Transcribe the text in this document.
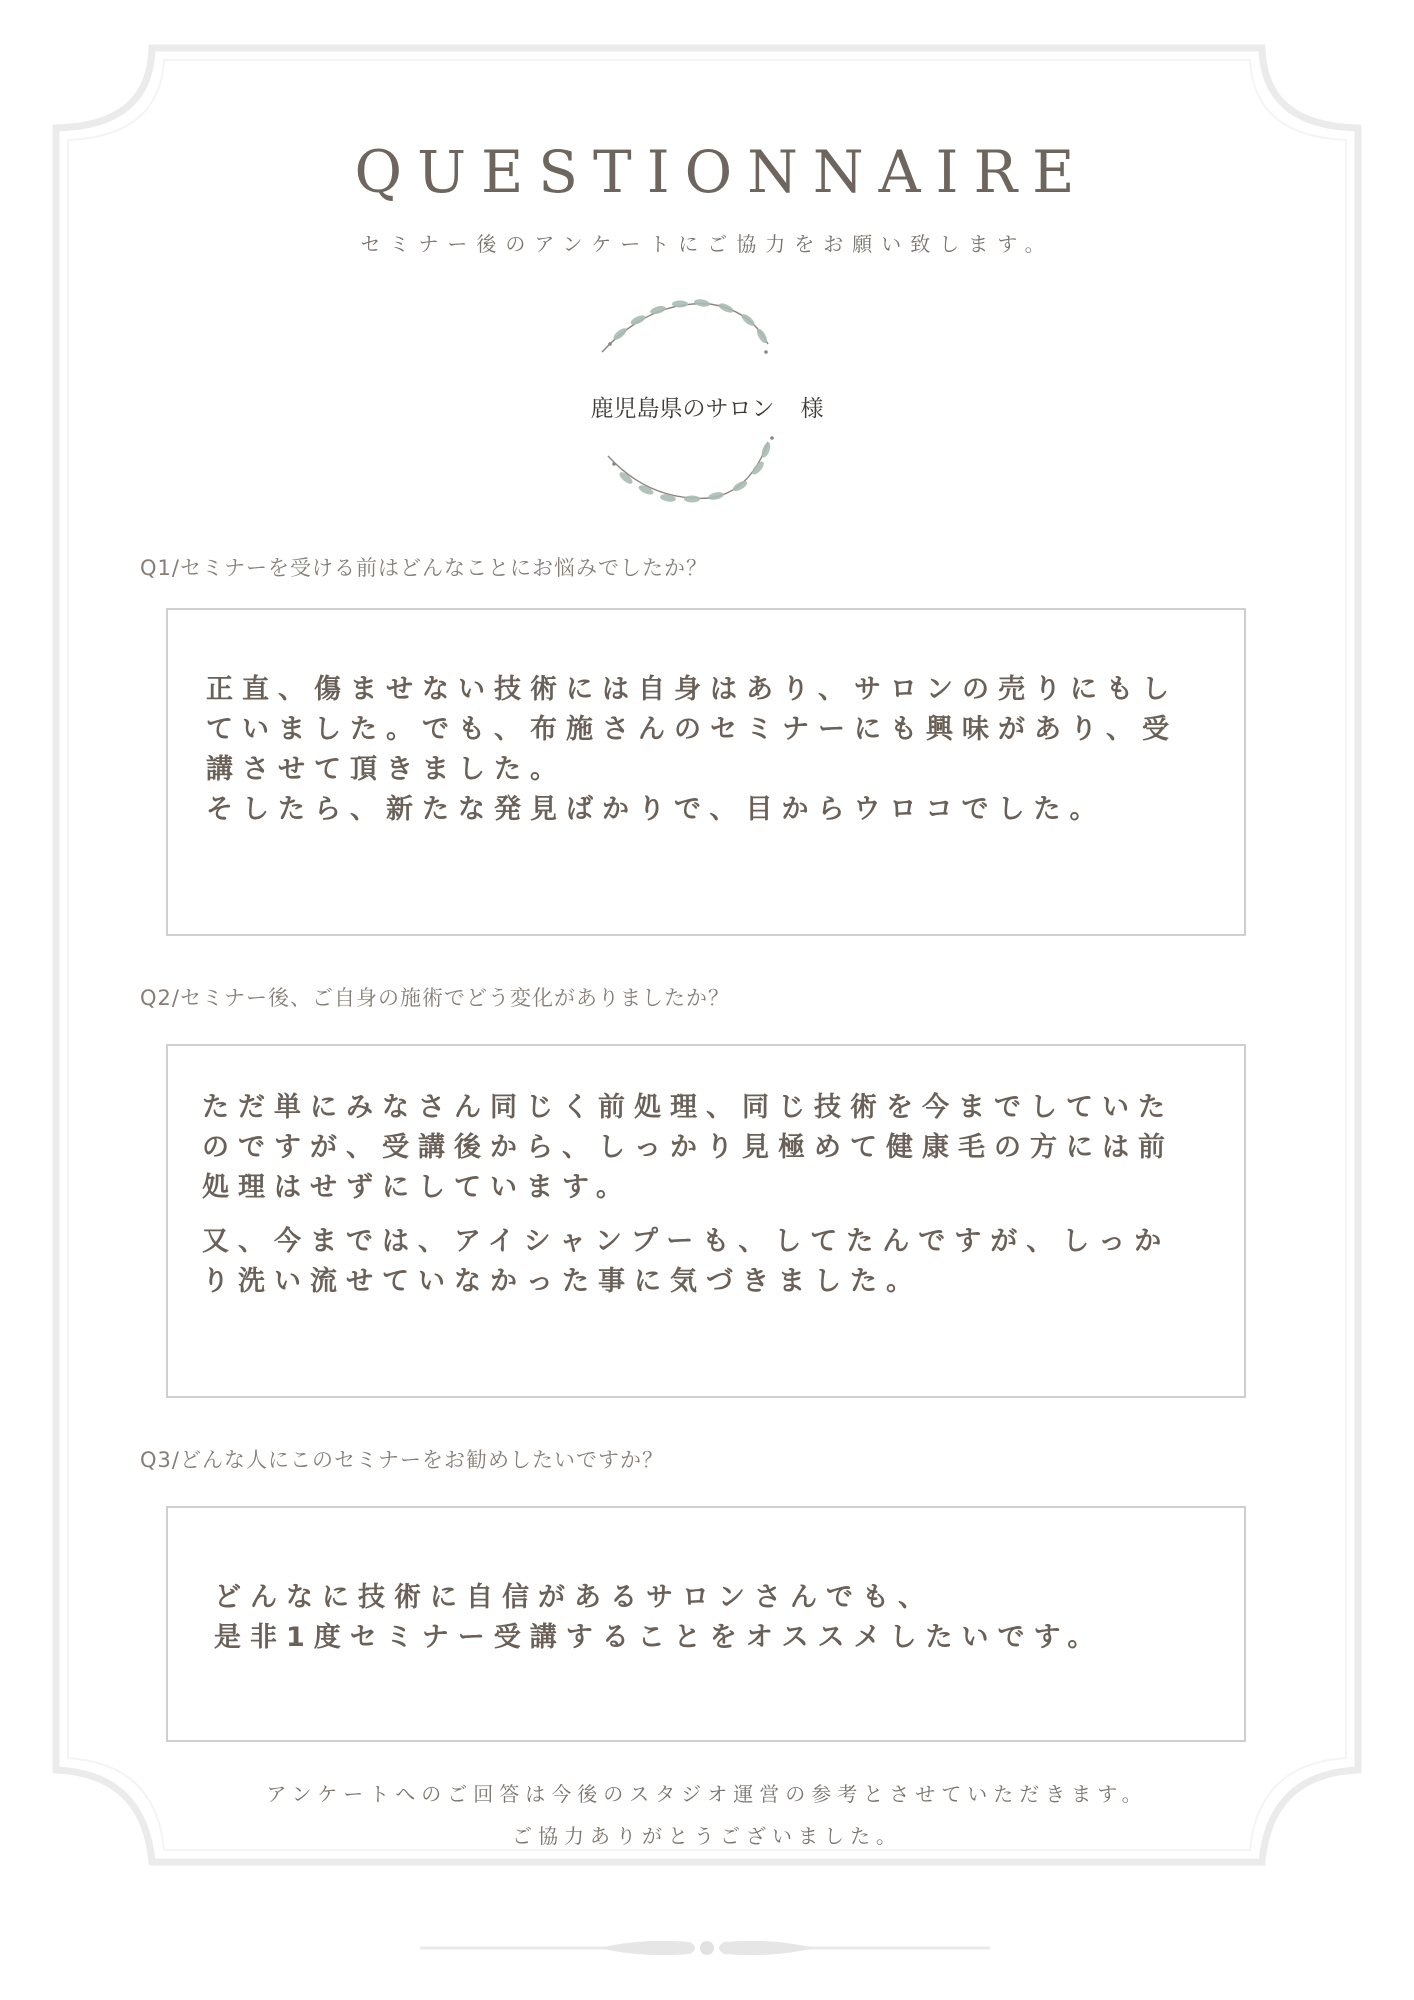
QUESTIONNAIRE
セミナー後のアンケートにご協力をお願い致します。
鹿児島県のサロン 様
Q1/セミナーを受ける前はどんなことにお悩みでしたか？

正直、傷ませない技術には自身はあり、サロンの売りにもし

ていました。でも、布施さんのセミナーにも興味があり、受

講させて頂きました。

そしたら、新たな発見ばかりで、目からウロコでした。

Q2/セミナー後、ご自身の施術でどう変化がありましたか？

ただ単にみなさん同じく前処理、同じ技術を今までしていた

のですが、受講後から、しっかり見極めて健康毛の方には前

処理はせずにしています。

又、今までは、アイシャンプーも、してたんですが、しっか

り洗い流せていなかった事に気づきました。

Q3/どんな人にこのセミナーをお勧めしたいですか？

どんなに技術に自信があるサロンさんでも、

是非1度セミナー受講することをオススメしたいです。

アンケートへのご回答は今後のスタジオ運営の参考とさせていただきます。
ご協力ありがとうございました。
